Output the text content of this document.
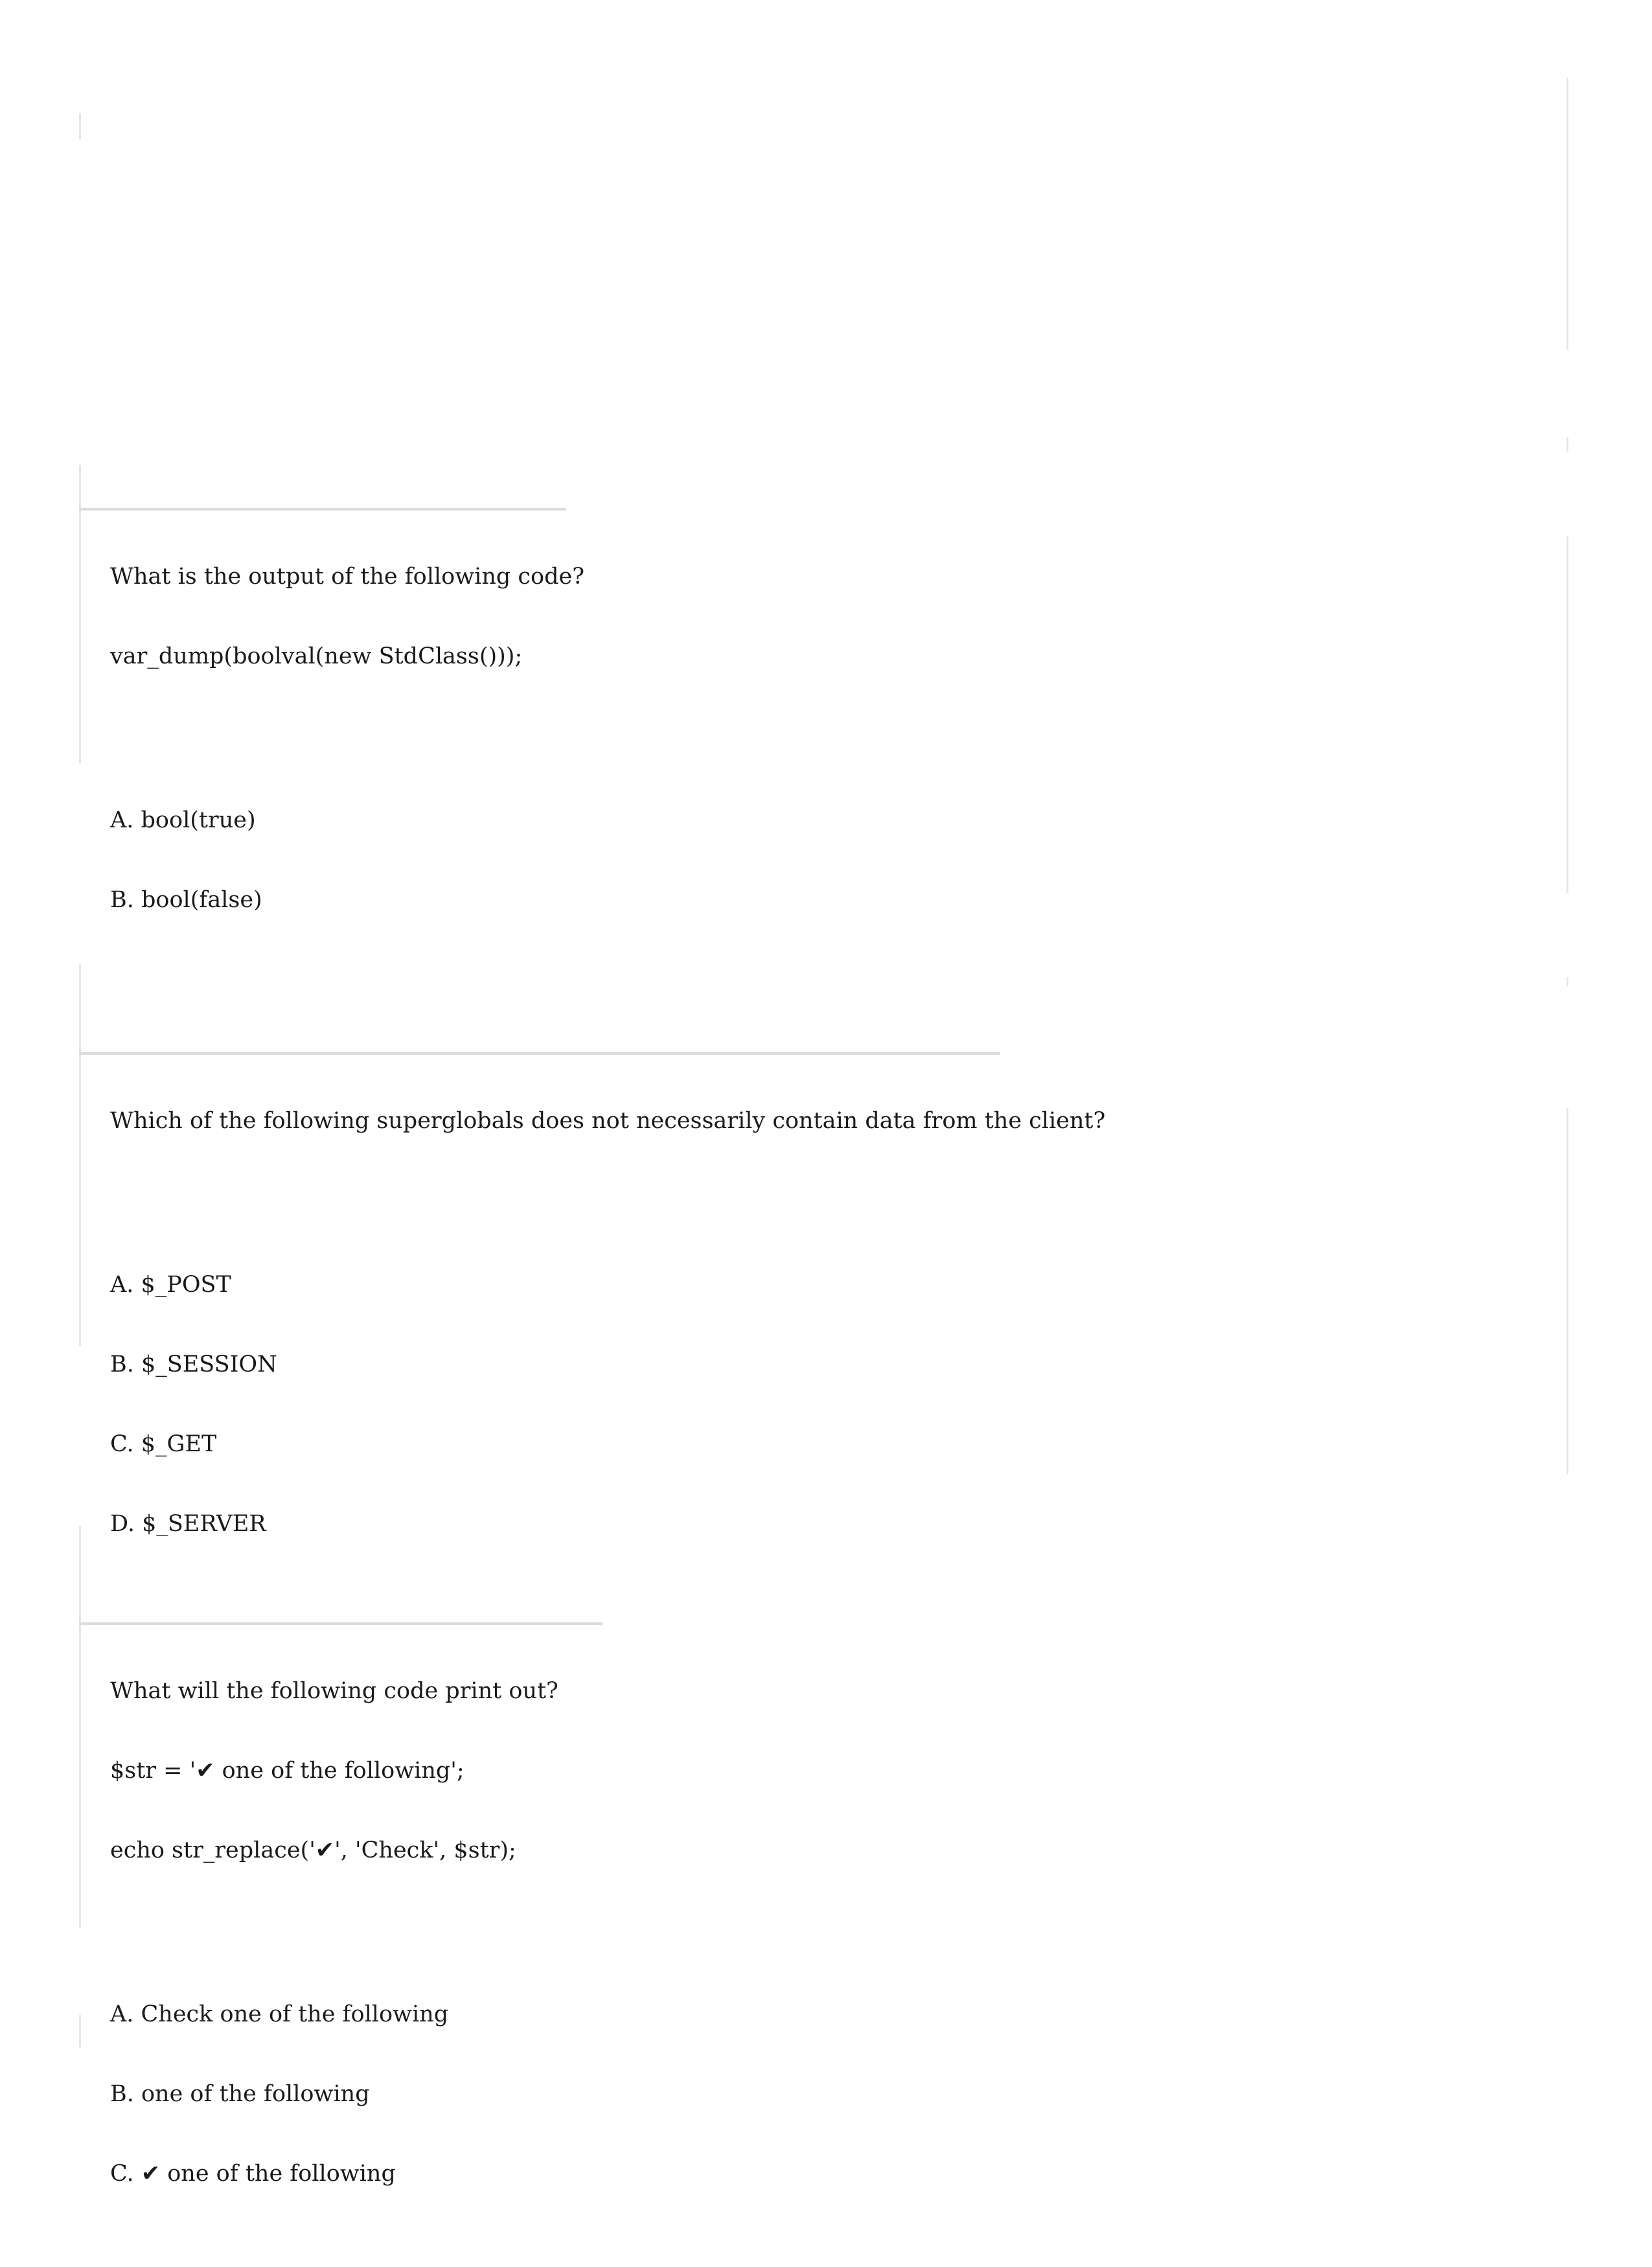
What is the output of the following code?

var_dump(boolval(new StdClass()));

A. bool(true)

B. bool(false)

Which of the following superglobals does not necessarily contain data from the client?

A. $_POST

B. $_SESSION

C. $_GET

D. $_SERVER

What will the following code print out?

$str = '✔ one of the following';

echo str_replace('✔', 'Check', $str);

A. Check one of the following

B. one of the following

C. ✔ one of the following
